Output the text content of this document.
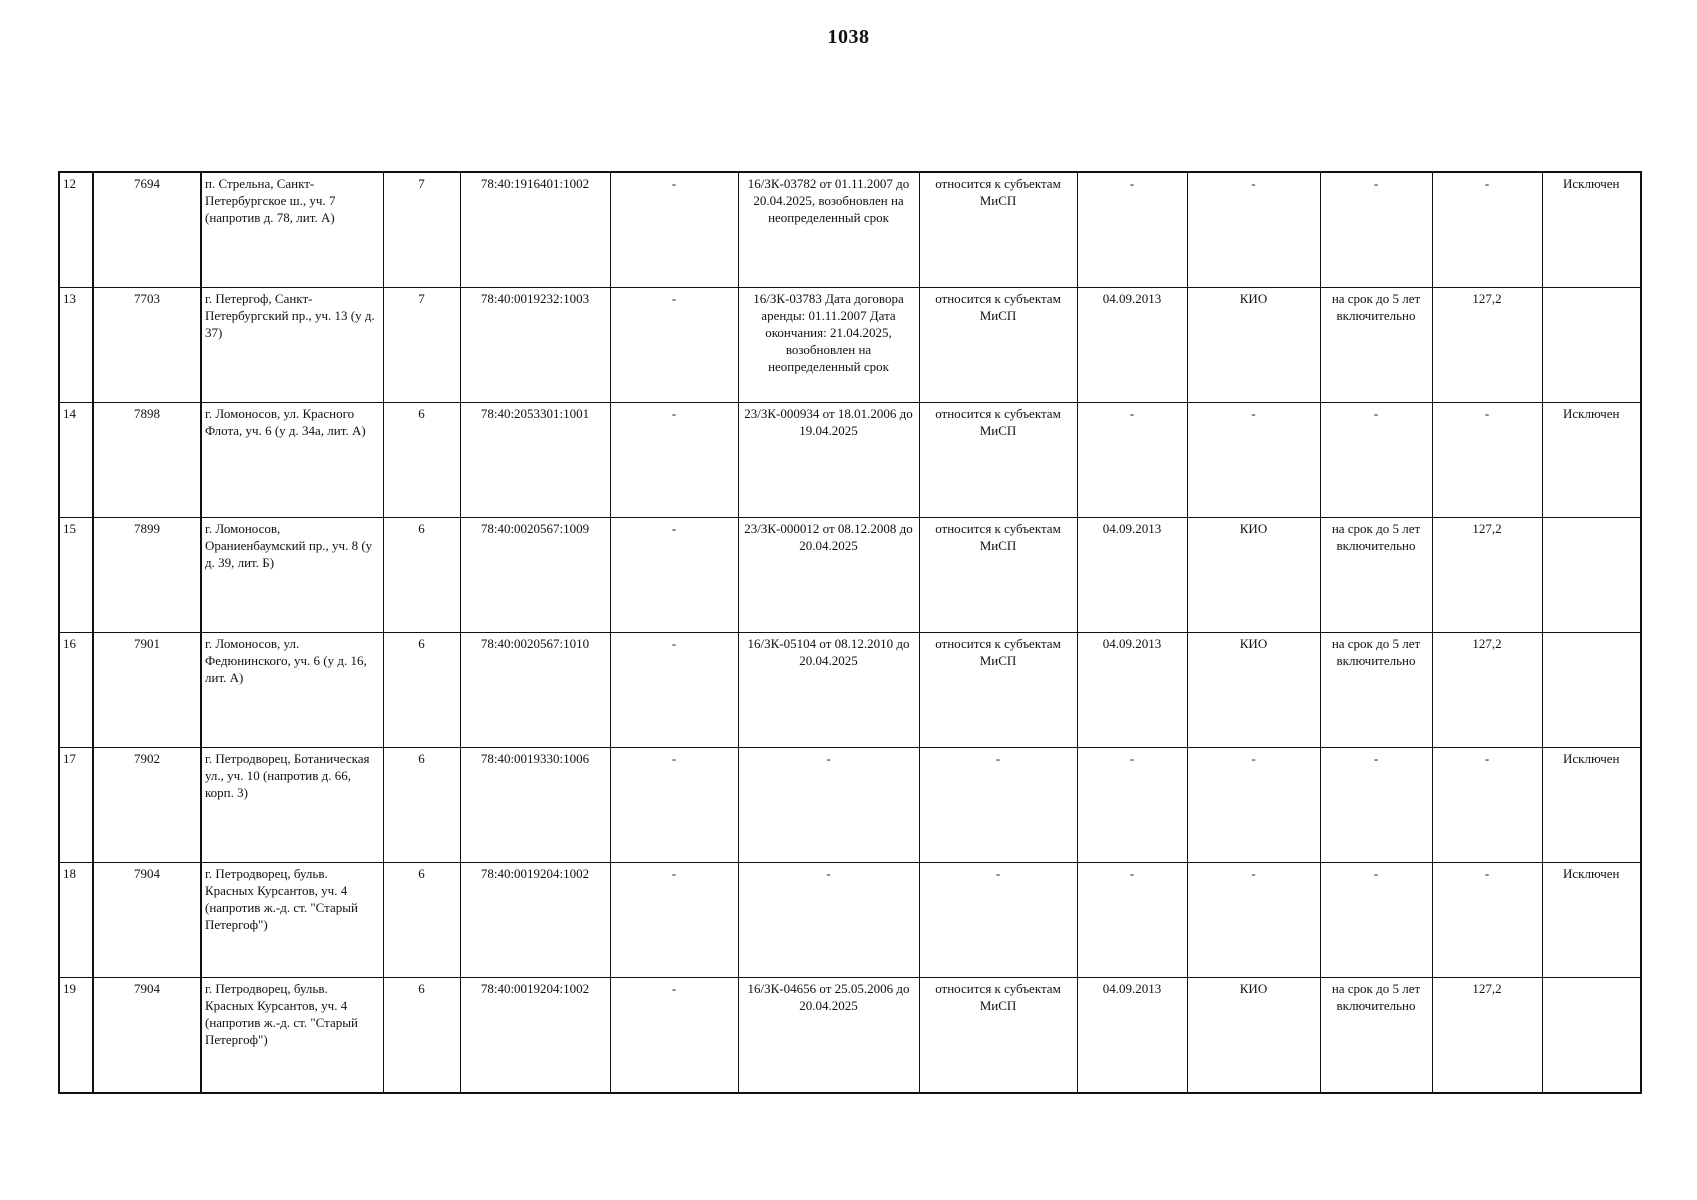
1038
12	7694	п. Стрельна, Санкт-Петербургское ш., уч. 7 (напротив д. 78, лит. А)	7	78:40:1916401:1002	-	16/ЗК-03782 от 01.11.2007 до 20.04.2025, возобновлен на неопределенный срок	относится к субъектам МиСП	-	-	-	-	Исключен
13	7703	г. Петергоф, Санкт-Петербургский пр., уч. 13 (у д. 37)	7	78:40:0019232:1003	-	16/ЗК-03783 Дата договора аренды: 01.11.2007 Дата окончания: 21.04.2025, возобновлен на неопределенный срок	относится к субъектам МиСП	04.09.2013	КИО	на срок до 5 лет включительно	127,2	
14	7898	г. Ломоносов, ул. Красного Флота, уч. 6 (у д. 34а, лит. А)	6	78:40:2053301:1001	-	23/ЗК-000934 от 18.01.2006 до 19.04.2025	относится к субъектам МиСП	-	-	-	-	Исключен
15	7899	г. Ломоносов, Ораниенбаумский пр., уч. 8 (у д. 39, лит. Б)	6	78:40:0020567:1009	-	23/ЗК-000012 от 08.12.2008 до 20.04.2025	относится к субъектам МиСП	04.09.2013	КИО	на срок до 5 лет включительно	127,2	
16	7901	г. Ломоносов, ул. Федюнинского, уч. 6 (у д. 16, лит. А)	6	78:40:0020567:1010	-	16/ЗК-05104 от 08.12.2010 до 20.04.2025	относится к субъектам МиСП	04.09.2013	КИО	на срок до 5 лет включительно	127,2	
17	7902	г. Петродворец, Ботаническая ул., уч. 10 (напротив д. 66, корп. 3)	6	78:40:0019330:1006	-	-	-	-	-	-	-	Исключен
18	7904	г. Петродворец, бульв. Красных Курсантов, уч. 4 (напротив ж.-д. ст. "Старый Петергоф")	6	78:40:0019204:1002	-	-	-	-	-	-	-	Исключен
19	7904	г. Петродворец, бульв. Красных Курсантов, уч. 4 (напротив ж.-д. ст. "Старый Петергоф")	6	78:40:0019204:1002	-	16/ЗК-04656 от 25.05.2006 до 20.04.2025	относится к субъектам МиСП	04.09.2013	КИО	на срок до 5 лет включительно	127,2	
